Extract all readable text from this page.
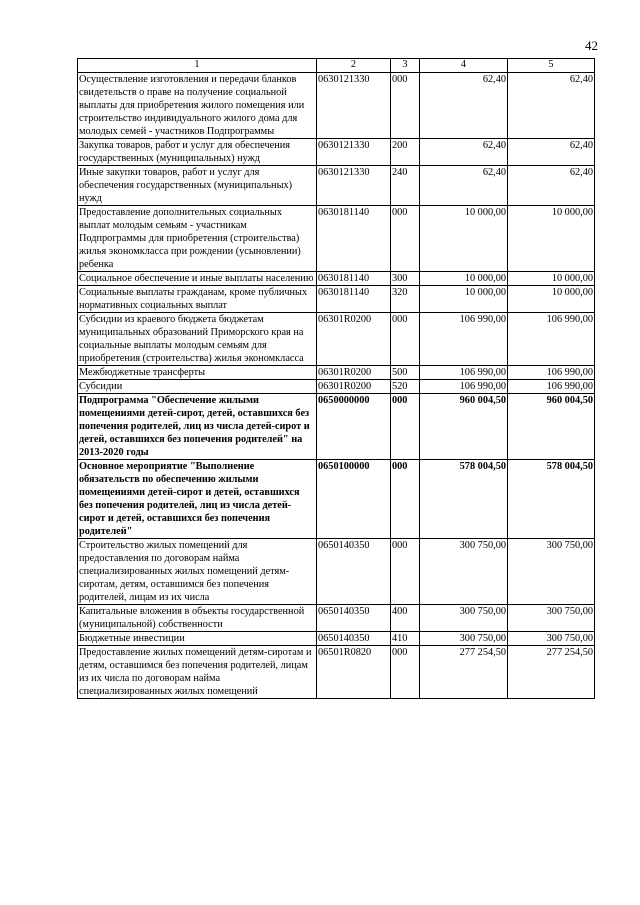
42
1	2	3	4	5
Осуществление изготовления и передачи бланков свидетельств о праве на получение социальной выплаты для приобретения жилого помещения или строительство индивидуального жилого дома для молодых семей - участников Подпрограммы	0630121330	000	62,40	62,40
Закупка товаров, работ и услуг для обеспечения государственных (муниципальных) нужд	0630121330	200	62,40	62,40
Иные закупки товаров, работ и услуг для обеспечения государственных (муниципальных) нужд	0630121330	240	62,40	62,40
Предоставление дополнительных социальных выплат молодым семьям - участникам Подпрограммы для приобретения (строительства) жилья экономкласса при рождении (усыновлении) ребенка	0630181140	000	10 000,00	10 000,00
Социальное обеспечение и иные выплаты населению	0630181140	300	10 000,00	10 000,00
Социальные выплаты гражданам, кроме публичных нормативных социальных выплат	0630181140	320	10 000,00	10 000,00
Субсидии из краевого бюджета бюджетам муниципальных образований Приморского края на социальные выплаты молодым семьям для приобретения (строительства) жилья экономкласса	06301R0200	000	106 990,00	106 990,00
Межбюджетные трансферты	06301R0200	500	106 990,00	106 990,00
Субсидии	06301R0200	520	106 990,00	106 990,00
Подпрограмма "Обеспечение жилыми помещениями детей-сирот, детей, оставшихся без попечения родителей, лиц из числа детей-сирот и детей, оставшихся без попечения родителей" на 2013-2020 годы	0650000000	000	960 004,50	960 004,50
Основное мероприятие "Выполнение обязательств по обеспечению жилыми помещениями детей-сирот и детей, оставшихся без попечения родителей, лиц из числа детей-сирот и детей, оставшихся без попечения родителей"	0650100000	000	578 004,50	578 004,50
Строительство жилых помещений для предоставления по договорам найма специализированных жилых помещений детям-сиротам, детям, оставшимся без попечения родителей, лицам из их числа	0650140350	000	300 750,00	300 750,00
Капитальные вложения в объекты государственной (муниципальной) собственности	0650140350	400	300 750,00	300 750,00
Бюджетные инвестиции	0650140350	410	300 750,00	300 750,00
Предоставление жилых помещений детям-сиротам и детям, оставшимся без попечения родителей, лицам из их числа по договорам найма специализированных жилых помещений	06501R0820	000	277 254,50	277 254,50
